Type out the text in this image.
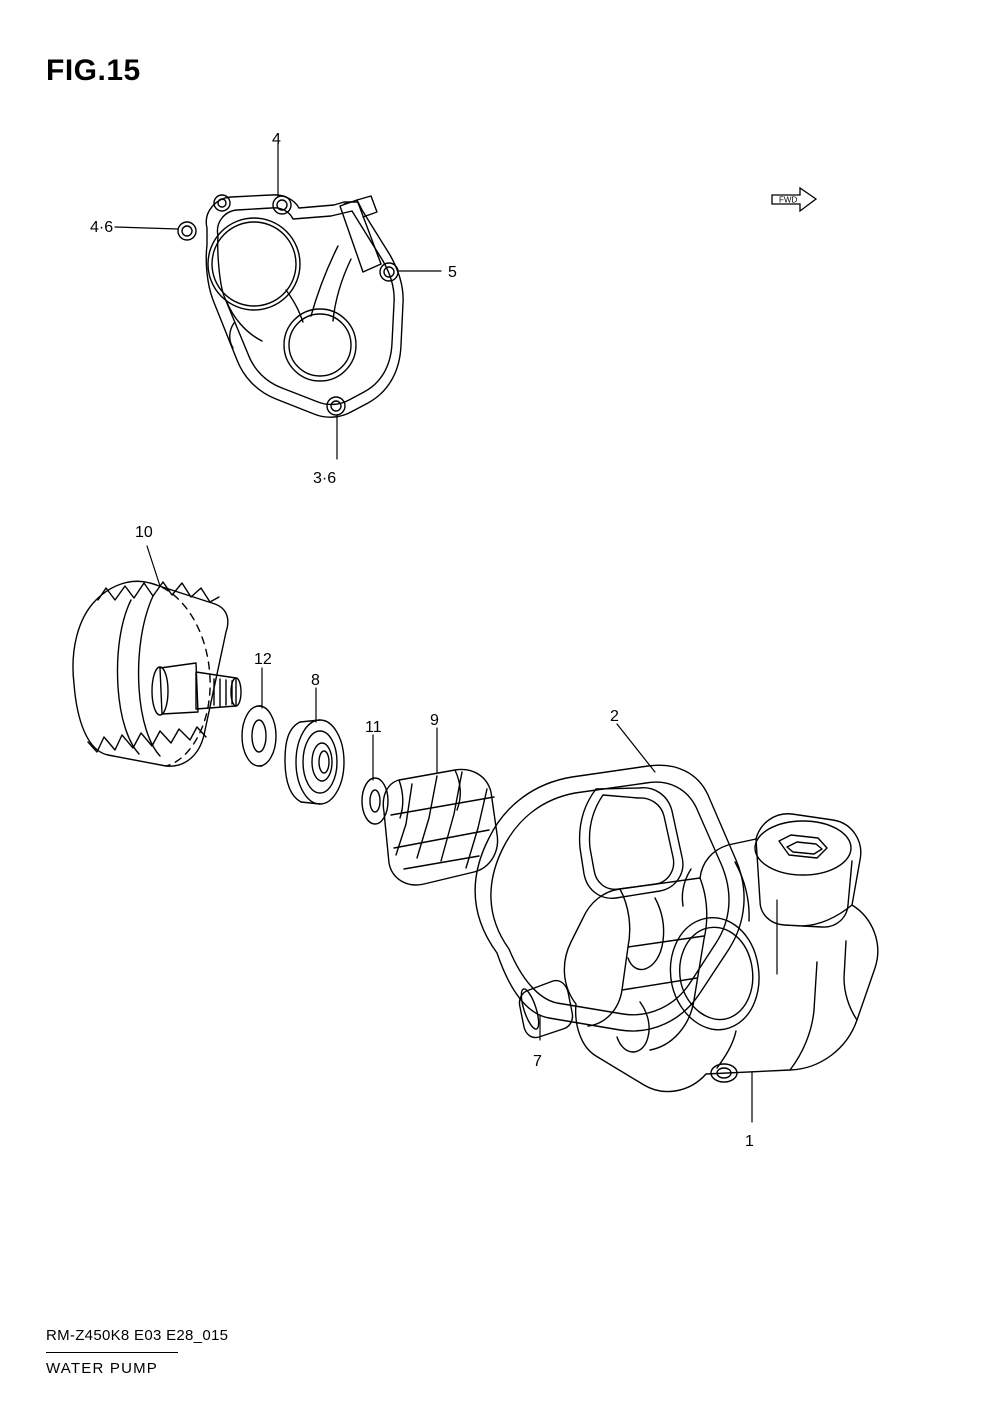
FIG.15
FWD
4
4·6
5
3·6
10
12
8
11	9	2
7
1
RM-Z450K8 E03 E28_015
WATER PUMP
